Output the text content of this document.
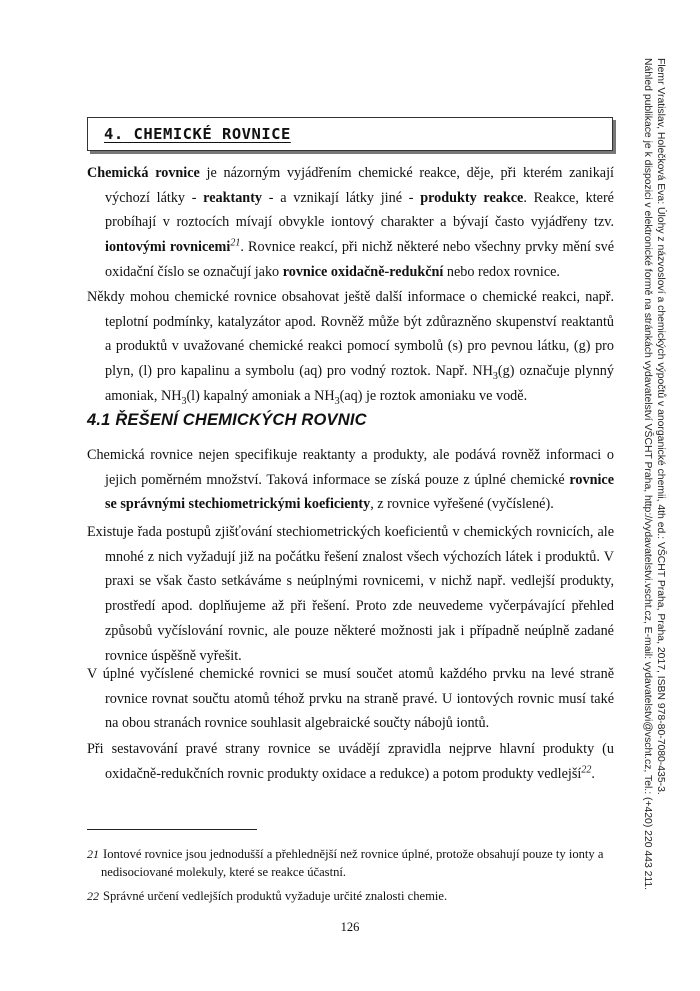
4. CHEMICKÉ ROVNICE

Chemická rovnice je názorným vyjádřením chemické reakce, děje, při kterém zanikají výchozí látky - reaktanty - a vznikají látky jiné - produkty reakce. Reakce, které probíhají v roztocích mívají obvykle iontový charakter a bývají často vyjádřeny tzv. iontovými rovnicemi$^{21}$. Rovnice reakcí, při nichž některé nebo všechny prvky mění své oxidační číslo se označují jako rovnice oxidačně-redukční nebo redox rovnice.

Někdy mohou chemické rovnice obsahovat ještě další informace o chemické reakci, např. teplotní podmínky, katalyzátor apod. Rovněž může být zdůrazněno skupenství reaktantů a produktů v uvažované chemické reakci pomocí symbolů (s) pro pevnou látku, (g) pro plyn, (l) pro kapalinu a symbolu (aq) pro vodný roztok. Např. $NH_3(g)$ označuje plynný amoniak, $NH_3(l)$ kapalný amoniak a $NH_3(aq)$ je roztok amoniaku ve vodě.

4.1 ŘEŠENÍ CHEMICKÝCH ROVNIC

Chemická rovnice nejen specifikuje reaktanty a produkty, ale podává rovněž informaci o jejich poměrném množství. Taková informace se získá pouze z úplné chemické rovnice se správnými stechiometrickými koeficienty, z rovnice vyřešené (vyčíslené).

Existuje řada postupů zjišťování stechiometrických koeficientů v chemických rovnicích, ale mnohé z nich vyžadují již na počátku řešení znalost všech výchozích látek i produktů. V praxi se však často setkáváme s neúplnými rovnicemi, v nichž např. vedlejší produkty, prostředí apod. doplňujeme až při řešení. Proto zde neuvedeme vyčerpávající přehled způsobů vyčíslování rovnic, ale pouze některé možnosti jak i případně neúplně zadané rovnice úspěšně vyřešit.

V úplné vyčíslené chemické rovnici se musí součet atomů každého prvku na levé straně rovnice rovnat součtu atomů téhož prvku na straně pravé. U iontových rovnic musí také na obou stranách rovnice souhlasit algebraické součty nábojů iontů.

Při sestavování pravé strany rovnice se uvádějí zpravidla nejprve hlavní produkty (u oxidačně-redukčních rovnic produkty oxidace a redukce) a potom produkty vedlejší$^{22}$.

21 Iontové rovnice jsou jednodušší a přehlednější než rovnice úplné, protože obsahují pouze ty ionty a nedisociované molekuly, které se reakce účastní.

22 Správné určení vedlejších produktů vyžaduje určité znalosti chemie.

126
Flemr Vratislav, Holečková Eva: Úlohy z názvosloví a chemických výpočtů v anorganické chemii, 4th ed.: VŠCHT Praha, Praha, 2017, ISBN 978-80-7080-435-3.
Náhled publikace je k dispozici v elektronické formě na stránkách vydavatelství VŠCHT Praha, http://vydavatelstvi.vscht.cz, E-mail: vydavatelstvi@vscht.cz, Tel.: (+420) 220 443 211.
